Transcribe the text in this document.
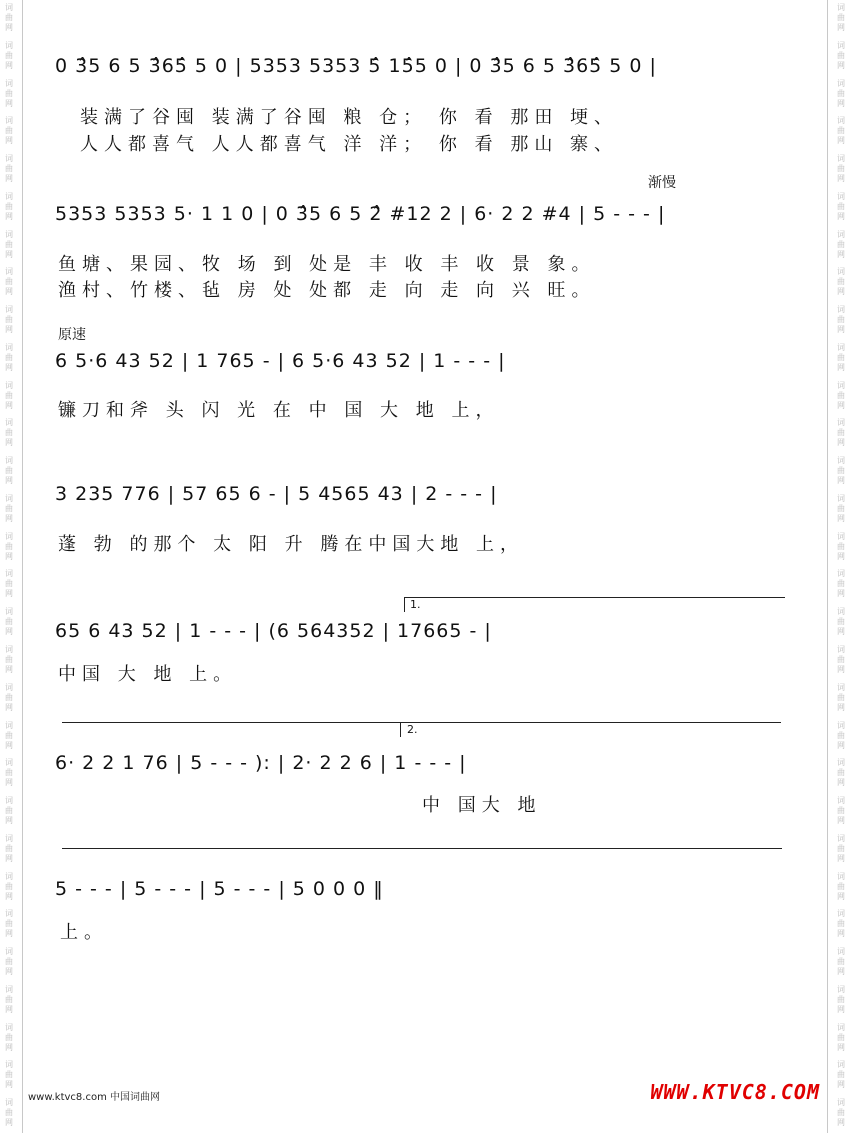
词
曲
网
词
曲
网
词
曲
网
词
曲
网
词
曲
网
词
曲
网
词
曲
网
词
曲
网
词
曲
网
词
曲
网
词
曲
网
词
曲
网
词
曲
网
词
曲
网
词
曲
网
词
曲
网
词
曲
网
词
曲
网
词
曲
网
词
曲
网
词
曲
网
词
曲
网
词
曲
网
词
曲
网
词
曲
网
词
曲
网
词
曲
网
词
曲
网
词
曲
网
词
曲
网
词
曲
网
词
曲
网
词
曲
网
词
曲
网
词
曲
网
词
曲
网
词
曲
网
词
曲
网
词
曲
网
词
曲
网
词
曲
网
词
曲
网
词
曲
网
词
曲
网
词
曲
网
词
曲
网
词
曲
网
词
曲
网
词
曲
网
词
曲
网
词
曲
网
词
曲
网
词
曲
网
词
曲
网
词
曲
网
词
曲
网
词
曲
网
词
曲
网
词
曲
网
词
曲
网
0 3̂5 6 5 3̂65̂ 5 0 | 5353 5353 5̂ 15̂5 0 | 0 3̂5 6 5 3̂65̂ 5 0 |
装满了谷囤 装满了谷囤 粮 仓； 你 看 那田 埂、
人人都喜气 人人都喜气 洋 洋； 你 看 那山 寨、
渐慢
5353 5353 5· 1 1 0 | 0 3̂5 6 5 2̂ #12 2 | 6· 2 2 #4 | 5 - - - |
鱼塘、果园、牧 场 到 处是 丰 收 丰 收 景 象。
渔村、竹楼、毡 房 处 处都 走 向 走 向 兴 旺。
原速
6 5·6 43 52 | 1 765 - | 6 5·6 43 52 | 1 - - - |
镰刀和斧 头 闪 光 在 中 国 大 地 上，
3 235 776 | 57 65 6 - | 5 4565 43 | 2 - - - |
蓬 勃 的那个 太 阳 升 腾在中国大地 上，
1.
65 6 43 52 | 1 - - - | (6 564352 | 17665 - |
中国 大 地 上。
2.
6· 2 2 1 76 | 5 - - - ): | 2· 2 2 6 | 1 - - - |
中 国大 地
5 - - - | 5 - - - | 5 - - - | 5 0 0 0 ‖
上。
www.ktvc8.com 中国词曲网	WWW.KTVC8.COM
